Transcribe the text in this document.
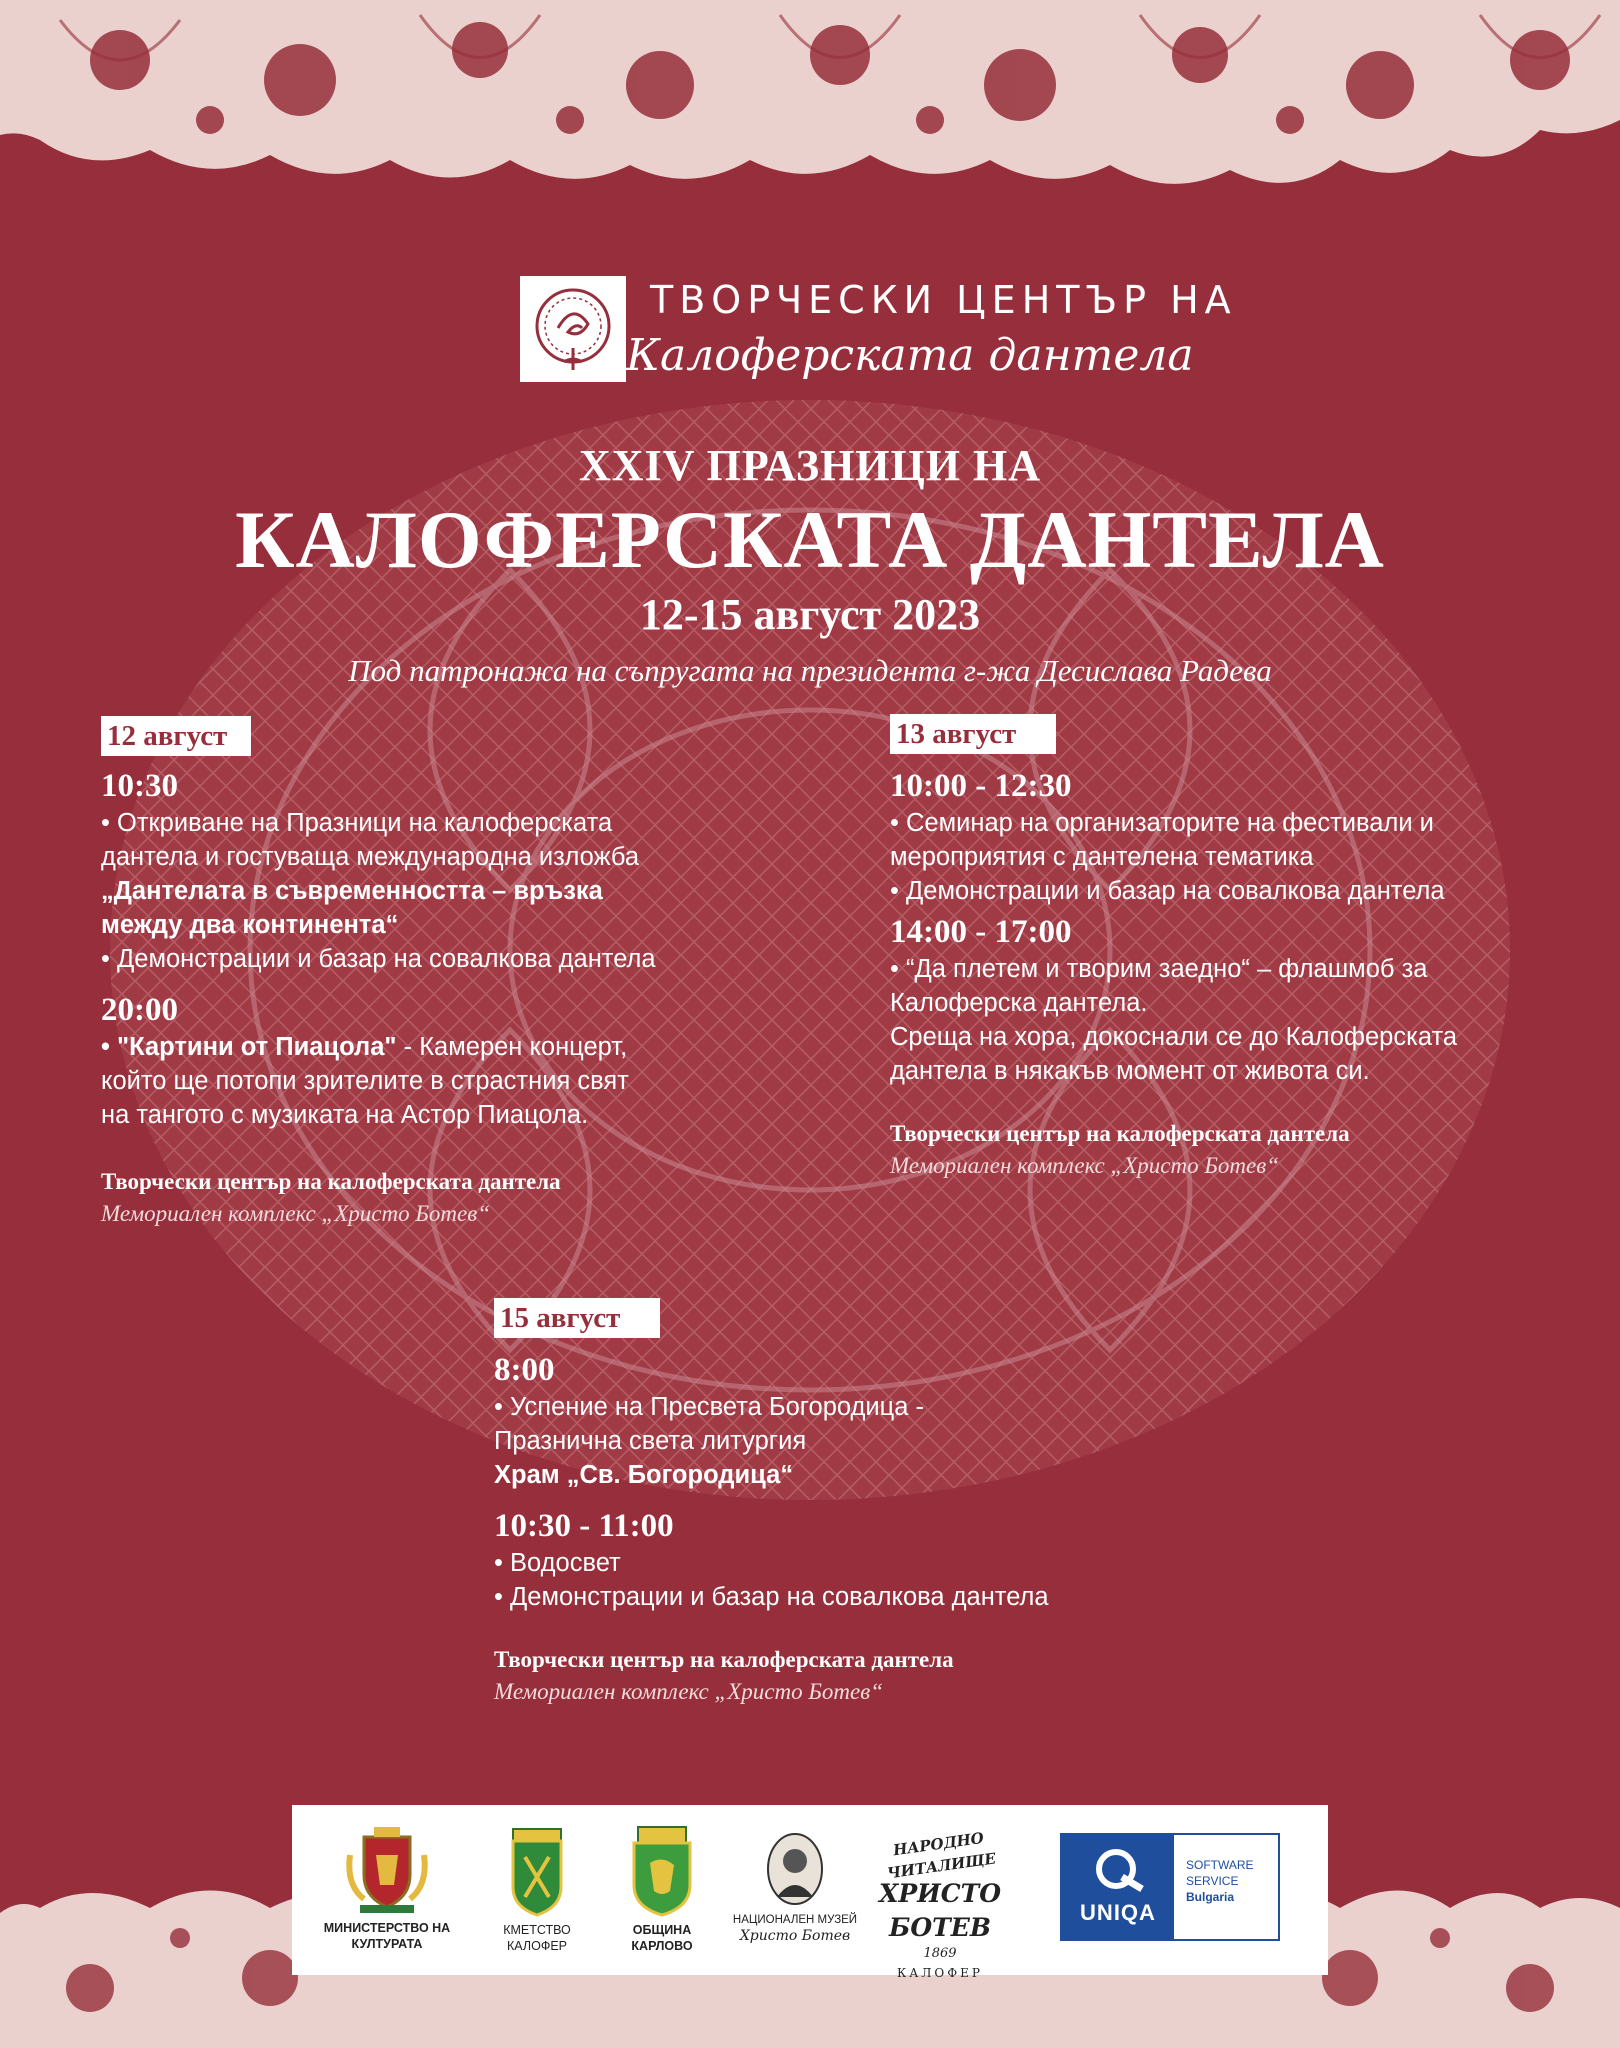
ТВОРЧЕСКИ ЦЕНТЪР НА
Калоферската дантела
XXIV ПРАЗНИЦИ НА
КАЛОФЕРСКАТА ДАНТЕЛА
12-15 август 2023
Под патронажа на съпругата на президента г-жа Десислава Радева
12 август
10:30
• Откриване на Празници на калоферската
дантела и гостуваща международна изложба
„Дантелата в съвременността – връзка
между два континента“
• Демонстрации и базар на совалкова дантела
20:00
• "Картини от Пиацола" - Камерен концерт,
който ще потопи зрителите в страстния свят
на тангото с музиката на Астор Пиацола.
Творчески център на калоферската дантела
Мемориален комплекс „Христо Ботев“
13 август
10:00 - 12:30
• Семинар на организаторите на фестивали и
мероприятия с дантелена тематика
• Демонстрации и базар на совалкова дантела
14:00 - 17:00
• “Да плетем и творим заедно“ – флашмоб за
Калоферска дантела.
Среща на хора, докоснали се до Калоферската
дантела в някакъв момент от живота си.
Творчески център на калоферската дантела
Мемориален комплекс „Христо Ботев“
15 август
8:00
• Успение на Пресвета Богородица -
Празнична света литургия
Храм „Св. Богородица“
10:30 - 11:00
• Водосвет
• Демонстрации и базар на совалкова дантела
Творчески център на калоферската дантела
Мемориален комплекс „Христо Ботев“
МИНИСТЕРСТВО НА
КУЛТУРАТА
КМЕТСТВО
КАЛОФЕР
ОБЩИНА
КАРЛОВО
НАЦИОНАЛЕН МУЗЕЙ
Христо Ботев
НАРОДНО ЧИТАЛИЩЕ
ХРИСТО БОТЕВ
1869
КАЛОФЕР
UNIQA
SOFTWARE
SERVICE
Bulgaria
